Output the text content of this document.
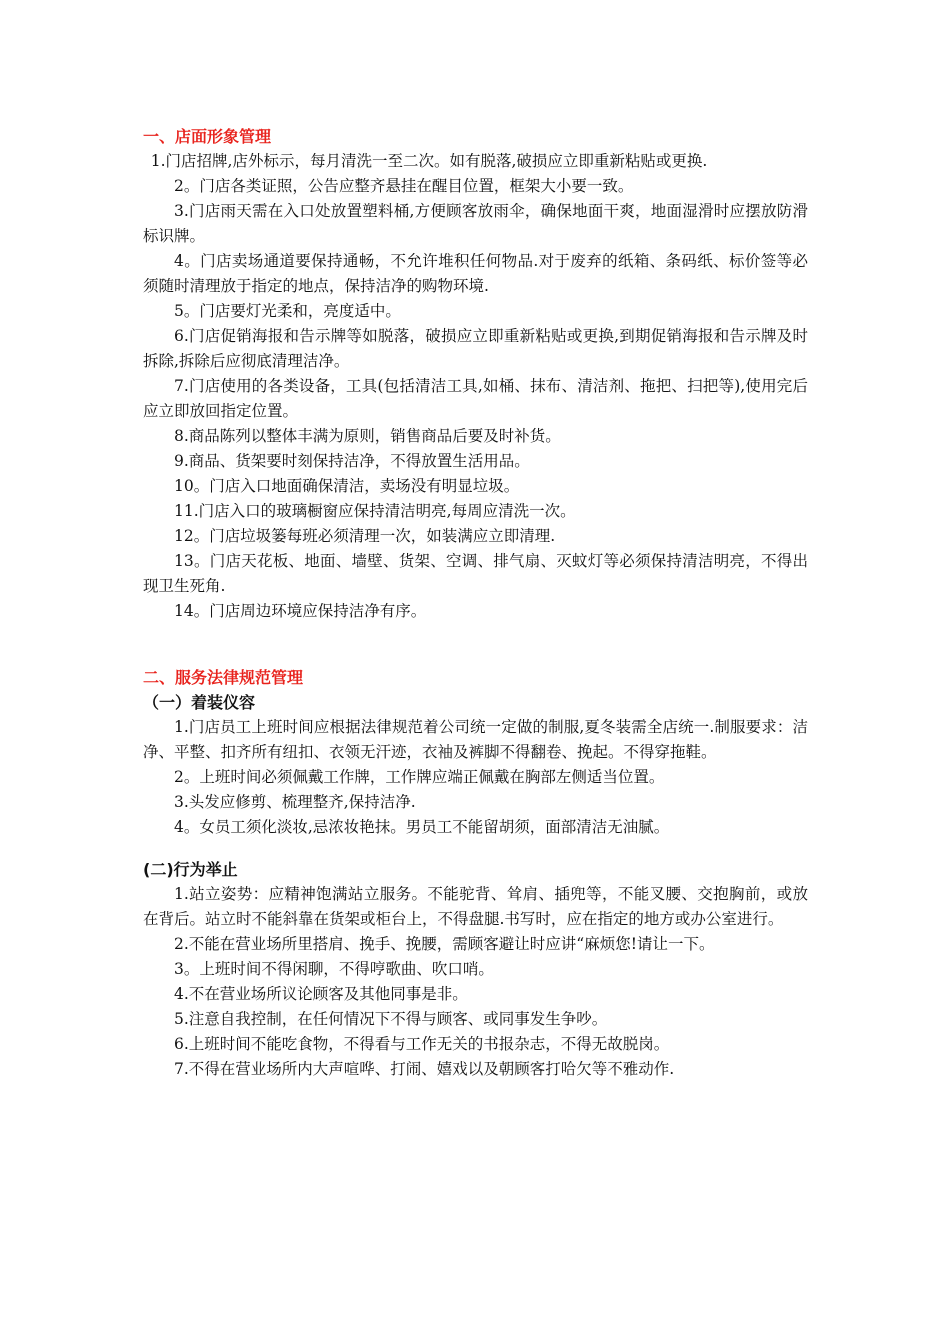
一、店面形象管理

1.门店招牌,店外标示，每月清洗一至二次。如有脱落,破损应立即重新粘贴或更换.

2。门店各类证照，公告应整齐悬挂在醒目位置，框架大小要一致。

3.门店雨天需在入口处放置塑料桶,方便顾客放雨伞，确保地面干爽，地面湿滑时应摆放防滑标识牌。

4。门店卖场通道要保持通畅，不允许堆积任何物品.对于废弃的纸箱、条码纸、标价签等必须随时清理放于指定的地点，保持洁净的购物环境.

5。门店要灯光柔和，亮度适中。

6.门店促销海报和告示牌等如脱落，破损应立即重新粘贴或更换,到期促销海报和告示牌及时拆除,拆除后应彻底清理洁净。

7.门店使用的各类设备，工具(包括清洁工具,如桶、抹布、清洁剂、拖把、扫把等),使用完后应立即放回指定位置。

8.商品陈列以整体丰满为原则，销售商品后要及时补货。

9.商品、货架要时刻保持洁净，不得放置生活用品。

10。门店入口地面确保清洁，卖场没有明显垃圾。

11.门店入口的玻璃橱窗应保持清洁明亮,每周应清洗一次。

12。门店垃圾篓每班必须清理一次，如装满应立即清理.

13。门店天花板、地面、墙壁、货架、空调、排气扇、灭蚊灯等必须保持清洁明亮，不得出现卫生死角.

14。门店周边环境应保持洁净有序。

二、服务法律规范管理
（一）着装仪容

1.门店员工上班时间应根据法律规范着公司统一定做的制服,夏冬装需全店统一.制服要求：洁净、平整、扣齐所有纽扣、衣领无汗迹，衣袖及裤脚不得翻卷、挽起。不得穿拖鞋。

2。上班时间必须佩戴工作牌，工作牌应端正佩戴在胸部左侧适当位置。

3.头发应修剪、梳理整齐,保持洁净.

4。女员工须化淡妆,忌浓妆艳抹。男员工不能留胡须，面部清洁无油腻。

(二)行为举止

1.站立姿势：应精神饱满站立服务。不能驼背、耸肩、插兜等，不能叉腰、交抱胸前，或放在背后。站立时不能斜靠在货架或柜台上，不得盘腿.书写时，应在指定的地方或办公室进行。

2.不能在营业场所里搭肩、挽手、挽腰，需顾客避让时应讲“麻烦您!请让一下。

3。上班时间不得闲聊，不得哼歌曲、吹口哨。

4.不在营业场所议论顾客及其他同事是非。

5.注意自我控制，在任何情况下不得与顾客、或同事发生争吵。

6.上班时间不能吃食物，不得看与工作无关的书报杂志，不得无故脱岗。

7.不得在营业场所内大声喧哗、打闹、嬉戏以及朝顾客打哈欠等不雅动作.
